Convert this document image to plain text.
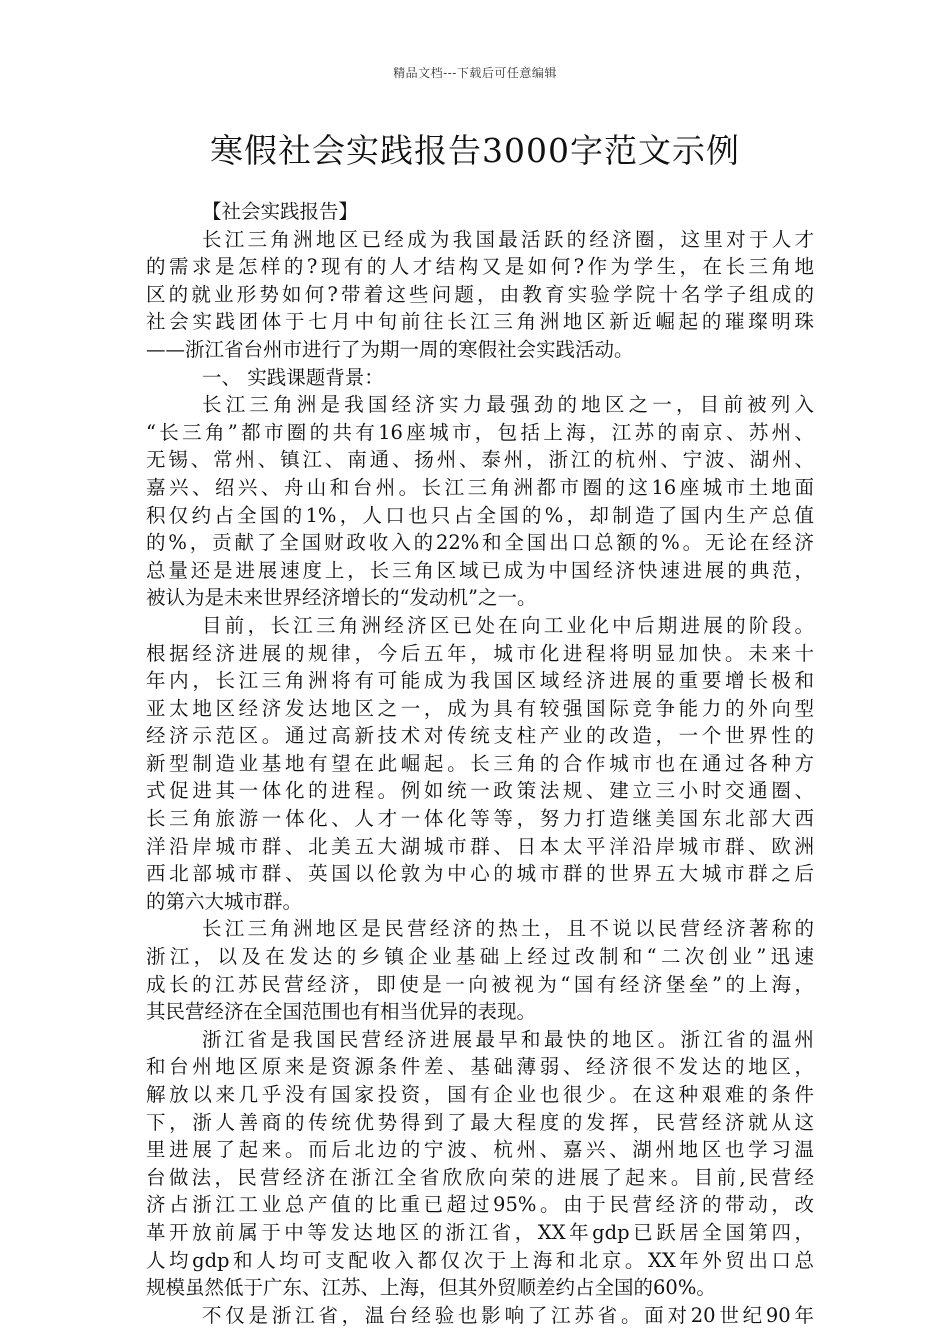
精品文档---下载后可任意编辑
寒假社会实践报告3000字范文示例
【社会实践报告】
长江三角洲地区已经成为我国最活跃的经济圈，这里对于人才
的需求是怎样的?现有的人才结构又是如何?作为学生，在长三角地
区的就业形势如何?带着这些问题，由教育实验学院十名学子组成的
社会实践团体于七月中旬前往长江三角洲地区新近崛起的璀璨明珠
——浙江省台州市进行了为期一周的寒假社会实践活动。
一、 实践课题背景：
长江三角洲是我国经济实力最强劲的地区之一，目前被列入
“长三角”都市圈的共有16座城市，包括上海，江苏的南京、苏州、
无锡、常州、镇江、南通、扬州、泰州，浙江的杭州、宁波、湖州、
嘉兴、绍兴、舟山和台州。长江三角洲都市圈的这16座城市土地面
积仅约占全国的1%，人口也只占全国的%，却制造了国内生产总值
的%，贡献了全国财政收入的22%和全国出口总额的%。无论在经济
总量还是进展速度上，长三角区域已成为中国经济快速进展的典范，
被认为是未来世界经济增长的“发动机”之一。
目前，长江三角洲经济区已处在向工业化中后期进展的阶段。
根据经济进展的规律，今后五年，城市化进程将明显加快。未来十
年内，长江三角洲将有可能成为我国区域经济进展的重要增长极和
亚太地区经济发达地区之一，成为具有较强国际竞争能力的外向型
经济示范区。通过高新技术对传统支柱产业的改造，一个世界性的
新型制造业基地有望在此崛起。长三角的合作城市也在通过各种方
式促进其一体化的进程。例如统一政策法规、建立三小时交通圈、
长三角旅游一体化、人才一体化等等，努力打造继美国东北部大西
洋沿岸城市群、北美五大湖城市群、日本太平洋沿岸城市群、欧洲
西北部城市群、英国以伦敦为中心的城市群的世界五大城市群之后
的第六大城市群。
长江三角洲地区是民营经济的热土，且不说以民营经济著称的
浙江，以及在发达的乡镇企业基础上经过改制和“二次创业”迅速
成长的江苏民营经济，即使是一向被视为“国有经济堡垒”的上海，
其民营经济在全国范围也有相当优异的表现。
浙江省是我国民营经济进展最早和最快的地区。浙江省的温州
和台州地区原来是资源条件差、基础薄弱、经济很不发达的地区，
解放以来几乎没有国家投资，国有企业也很少。在这种艰难的条件
下，浙人善商的传统优势得到了最大程度的发挥，民营经济就从这
里进展了起来。而后北边的宁波、杭州、嘉兴、湖州地区也学习温
台做法，民营经济在浙江全省欣欣向荣的进展了起来。目前,民营经
济占浙江工业总产值的比重已超过95%。由于民营经济的带动，改
革开放前属于中等发达地区的浙江省，XX年gdp已跃居全国第四，
人均gdp和人均可支配收入都仅次于上海和北京。XX年外贸出口总
规模虽然低于广东、江苏、上海，但其外贸顺差约占全国的60%。
不仅是浙江省，温台经验也影响了江苏省。面对20世纪90年
